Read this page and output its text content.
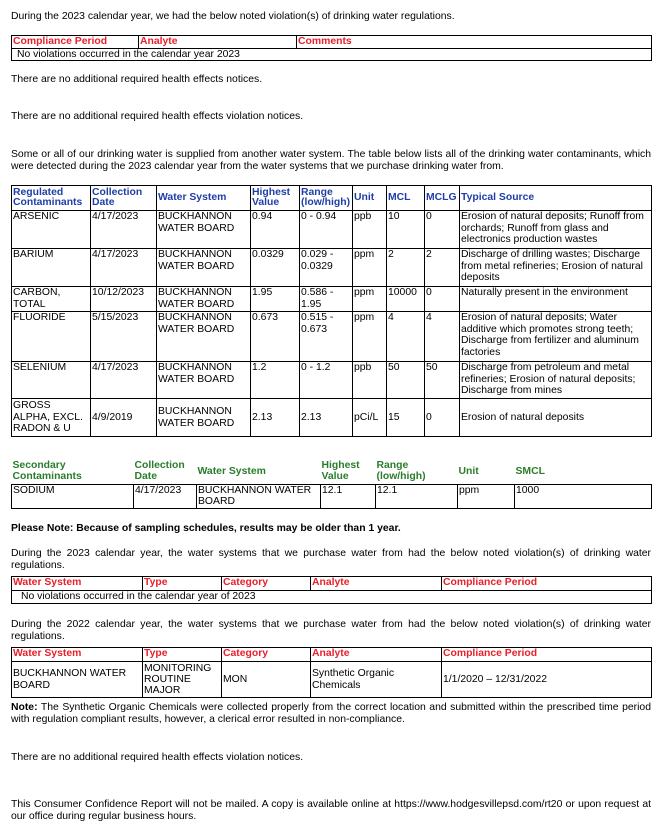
During the 2023 calendar year, we had the below noted violation(s) of drinking water regulations.

Compliance Period	Analyte	Comments
No violations occurred in the calendar year 2023

There are no additional required health effects notices.

There are no additional required health effects violation notices.

Some or all of our drinking water is supplied from another water system. The table below lists all of the drinking water contaminants, which were detected during the 2023 calendar year from the water systems that we purchase drinking water from.

Regulated Contaminants	Collection Date	Water System	Highest Value	Range (low/high)	Unit	MCL	MCLG	Typical Source
ARSENIC	4/17/2023	BUCKHANNON WATER BOARD	0.94	0 - 0.94	ppb	10	0	Erosion of natural deposits; Runoff from orchards; Runoff from glass and electronics production wastes
BARIUM	4/17/2023	BUCKHANNON WATER BOARD	0.0329	0.029 - 0.0329	ppm	2	2	Discharge of drilling wastes; Discharge from metal refineries; Erosion of natural deposits
CARBON, TOTAL	10/12/2023	BUCKHANNON WATER BOARD	1.95	0.586 - 1.95	ppm	10000	0	Naturally present in the environment
FLUORIDE	5/15/2023	BUCKHANNON WATER BOARD	0.673	0.515 - 0.673	ppm	4	4	Erosion of natural deposits; Water additive which promotes strong teeth; Discharge from fertilizer and aluminum factories
SELENIUM	4/17/2023	BUCKHANNON WATER BOARD	1.2	0 - 1.2	ppb	50	50	Discharge from petroleum and metal refineries; Erosion of natural deposits; Discharge from mines
GROSS ALPHA, EXCL. RADON & U	4/9/2019	BUCKHANNON WATER BOARD	2.13	2.13	pCi/L	15	0	Erosion of natural deposits
Secondary Contaminants	Collection Date	Water System	Highest Value	Range (low/high)	Unit	SMCL
SODIUM	4/17/2023	BUCKHANNON WATER BOARD	12.1	12.1	ppm	1000

Please Note: Because of sampling schedules, results may be older than 1 year.

During the 2023 calendar year, the water systems that we purchase water from had the below noted violation(s) of drinking water regulations.

Water System	Type	Category	Analyte	Compliance Period
No violations occurred in the calendar year of 2023

During the 2022 calendar year, the water systems that we purchase water from had the below noted violation(s) of drinking water regulations.

Water System	Type	Category	Analyte	Compliance Period
BUCKHANNON WATER BOARD	MONITORING ROUTINE MAJOR	MON	Synthetic Organic Chemicals	1/1/2020 – 12/31/2022

Note: The Synthetic Organic Chemicals were collected properly from the correct location and submitted within the prescribed time period with regulation compliant results, however, a clerical error resulted in non-compliance.

There are no additional required health effects violation notices.

This Consumer Confidence Report will not be mailed. A copy is available online at https://www.hodgesvillepsd.com/rt20 or upon request at our office during regular business hours.
